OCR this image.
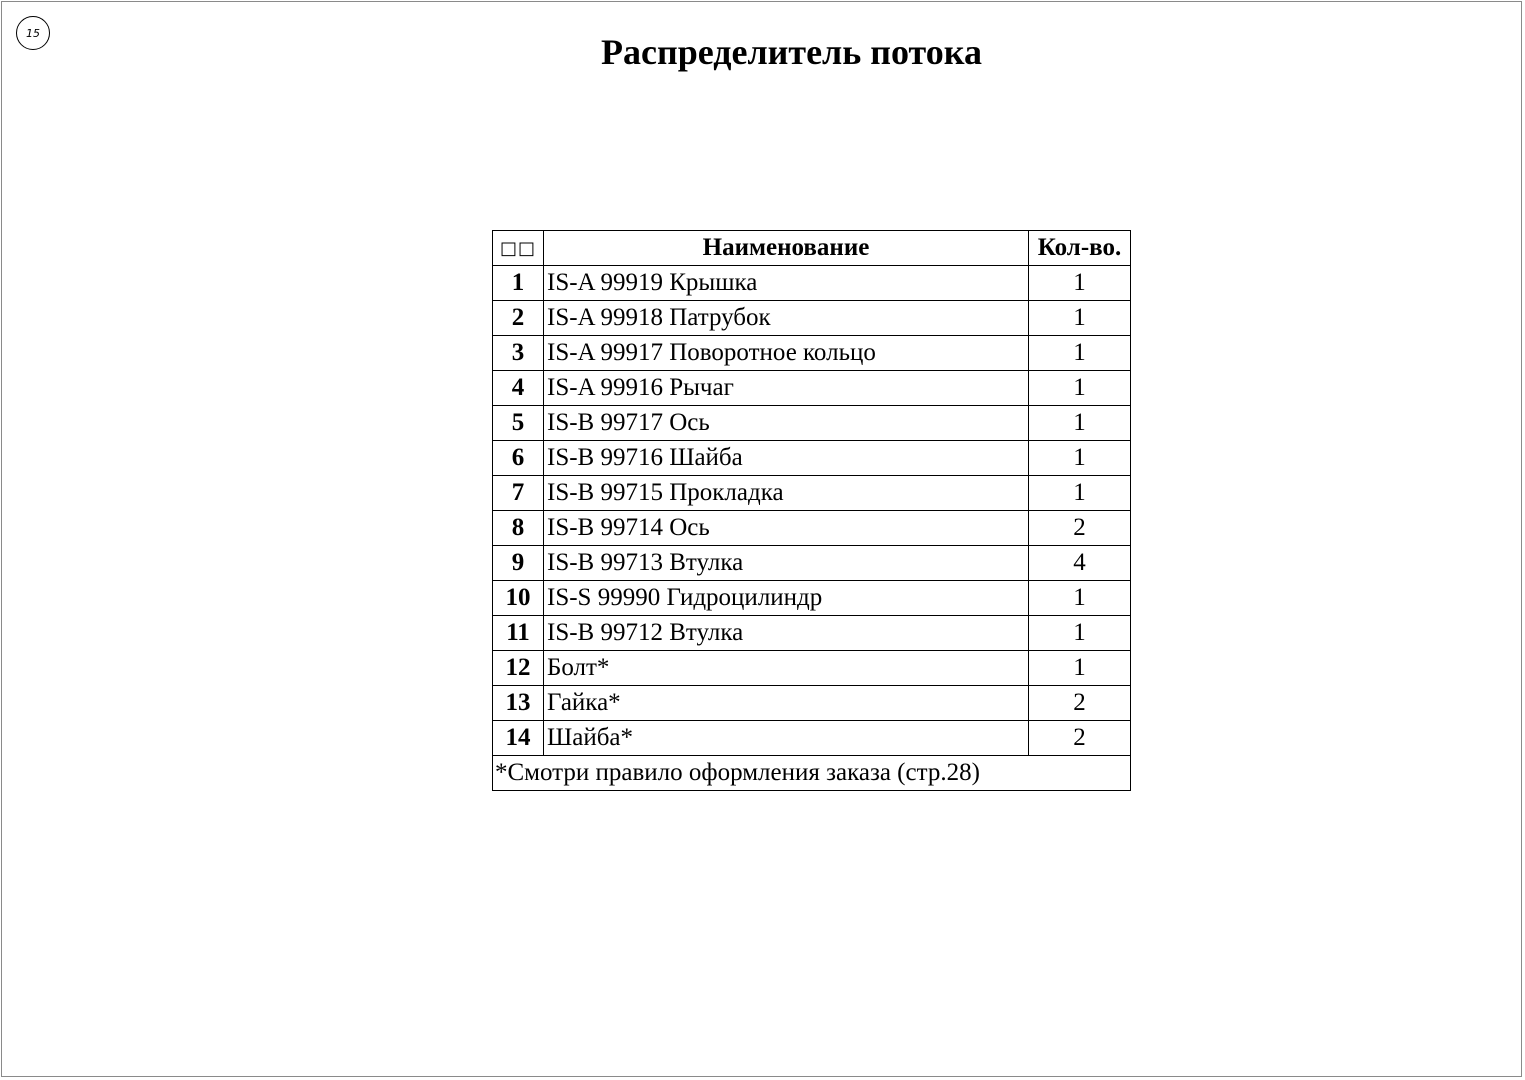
15	Распределитель потока
□□	Наименование	Кол-во.
1	IS-A 99919 Крышка	1
2	IS-A 99918 Патрубок	1
3	IS-A 99917 Поворотное кольцо	1
4	IS-A 99916 Рычаг	1
5	IS-B 99717 Ось	1
6	IS-B 99716 Шайба	1
7	IS-B 99715 Прокладка	1
8	IS-B 99714 Ось	2
9	IS-B 99713 Втулка	4
10	IS-S 99990 Гидроцилиндр	1
11	IS-B 99712 Втулка	1
12	Болт*	1
13	Гайка*	2
14	Шайба*	2
*Смотри правило оформления заказа (стр.28)		
